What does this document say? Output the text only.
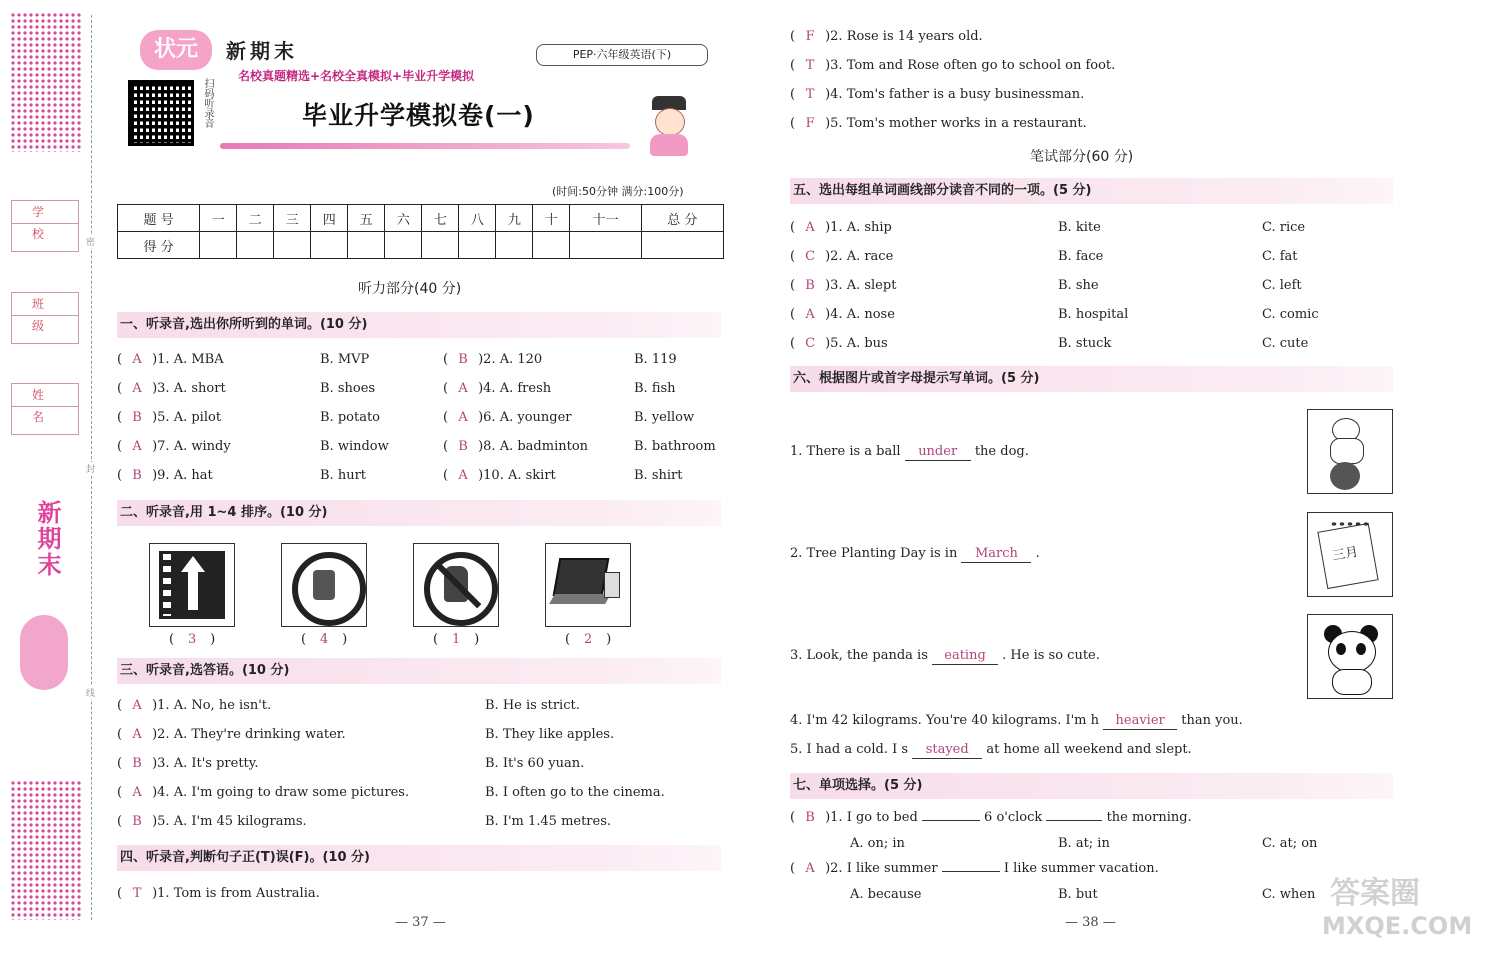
密
封
线
学 校
班 级
姓 名
新期末
状元	新期末
名校真题精选+名校全真模拟+毕业升学模拟
PEP·六年级英语(下)
扫码听录音	毕业升学模拟卷(一)
(时间:50分钟 满分:100分)
题 号	一	二	三	四	五	六	七	八	九	十	十一	总 分
得 分												
听力部分(40 分)
一、听录音,选出你所听到的单词。(10 分)
( A )1. A. MBA	B. MVP	( B )2. A. 120	B. 119
( A )3. A. short	B. shoes	( A )4. A. fresh	B. fish
( B )5. A. pilot	B. potato	( A )6. A. younger	B. yellow
( A )7. A. windy	B. window	( B )8. A. badminton	B. bathroom
( B )9. A. hat	B. hurt	( A )10. A. skirt	B. shirt
二、听录音,用 1~4 排序。(10 分)
( 3 )	( 4 )	( 1 )	( 2 )
三、听录音,选答语。(10 分)
( A )1. A. No, he isn't.	B. He is strict.
( A )2. A. They're drinking water.	B. They like apples.
( B )3. A. It's pretty.	B. It's 60 yuan.
( A )4. A. I'm going to draw some pictures.	B. I often go to the cinema.
( B )5. A. I'm 45 kilograms.	B. I'm 1.45 metres.
四、听录音,判断句子正(T)误(F)。(10 分)
( T )1. Tom is from Australia.
( F )2. Rose is 14 years old.
( T )3. Tom and Rose often go to school on foot.
( T )4. Tom's father is a busy businessman.
( F )5. Tom's mother works in a restaurant.
— 37 —
笔试部分(60 分)
五、选出每组单词画线部分读音不同的一项。(5 分)
( A )1. A. ship	B. kite	C. rice
( C )2. A. race	B. face	C. fat
( B )3. A. slept	B. she	C. left
( A )4. A. nose	B. hospital	C. comic
( C )5. A. bus	B. stuck	C. cute
六、根据图片或首字母提示写单词。(5 分)
三月
1. There is a ball under the dog.
2. Tree Planting Day is in March .
3. Look, the panda is eating . He is so cute.
4. I'm 42 kilograms. You're 40 kilograms. I'm h heavier than you.
5. I had a cold. I s stayed at home all weekend and slept.
七、单项选择。(5 分)
( B )1. I go to bed	6 o'clock	the morning.
A. on; in	B. at; in	C. at; on
( A )2. I like summer	I like summer vacation.
A. because	B. but	C. when
— 38 —
答案圈
MXQE.COM
